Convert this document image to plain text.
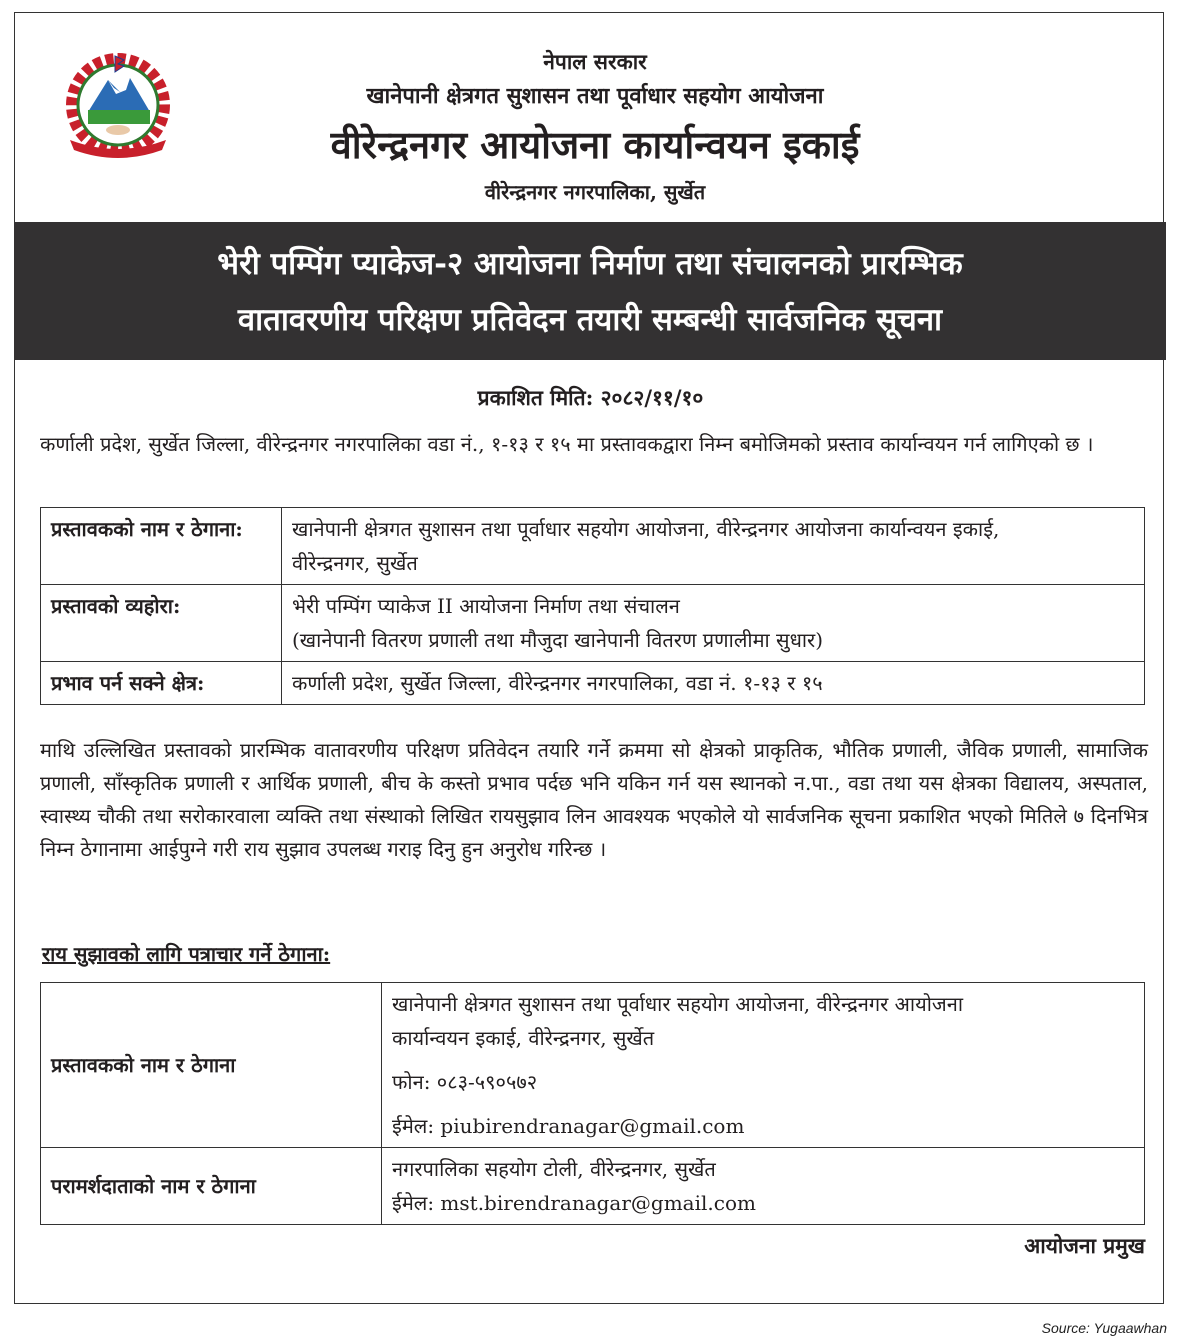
नेपाल सरकार
खानेपानी क्षेत्रगत सुशासन तथा पूर्वाधार सहयोग आयोजना
वीरेन्द्रनगर आयोजना कार्यान्वयन इकाई
वीरेन्द्रनगर नगरपालिका, सुर्खेत
भेरी पम्पिंग प्याकेज-२ आयोजना निर्माण तथा संचालनको प्रारम्भिक
वातावरणीय परिक्षण प्रतिवेदन तयारी सम्बन्धी सार्वजनिक सूचना
प्रकाशित मिति: २०८२/११/१०
कर्णाली प्रदेश, सुर्खेत जिल्ला, वीरेन्द्रनगर नगरपालिका वडा नं., १-१३ र १५ मा प्रस्तावकद्वारा निम्न बमोजिमको प्रस्ताव कार्यान्वयन गर्न लागिएको छ ।
प्रस्तावकको नाम र ठेगाना:	खानेपानी क्षेत्रगत सुशासन तथा पूर्वाधार सहयोग आयोजना, वीरेन्द्रनगर आयोजना कार्यान्वयन इकाई,
वीरेन्द्रनगर, सुर्खेत

प्रस्तावको व्यहोरा:	भेरी पम्पिंग प्याकेज II आयोजना निर्माण तथा संचालन
(खानेपानी वितरण प्रणाली तथा मौजुदा खानेपानी वितरण प्रणालीमा सुधार)

प्रभाव पर्न सक्ने क्षेत्र:	कर्णाली प्रदेश, सुर्खेत जिल्ला, वीरेन्द्रनगर नगरपालिका, वडा नं. १-१३ र १५
माथि उल्लिखित प्रस्तावको प्रारम्भिक वातावरणीय परिक्षण प्रतिवेदन तयारि गर्ने क्रममा सो क्षेत्रको प्राकृतिक, भौतिक प्रणाली, जैविक प्रणाली, सामाजिक प्रणाली, साँस्कृतिक प्रणाली र आर्थिक प्रणाली, बीच के कस्तो प्रभाव पर्दछ भनि यकिन गर्न यस स्थानको न.पा., वडा तथा यस क्षेत्रका विद्यालय, अस्पताल, स्वास्थ्य चौकी तथा सरोकारवाला व्यक्ति तथा संस्थाको लिखित रायसुझाव लिन आवश्यक भएकोले यो सार्वजनिक सूचना प्रकाशित भएको मितिले ७ दिनभित्र निम्न ठेगानामा आईपुग्ने गरी राय सुझाव उपलब्ध गराइ दिनु हुन अनुरोध गरिन्छ ।
राय सुझावको लागि पत्राचार गर्ने ठेगाना:
प्रस्तावकको नाम र ठेगाना	खानेपानी क्षेत्रगत सुशासन तथा पूर्वाधार सहयोग आयोजना, वीरेन्द्रनगर आयोजना
कार्यान्वयन इकाई, वीरेन्द्रनगर, सुर्खेत
फोन: ०८३-५९०५७२
ईमेल: piubirendranagar@gmail.com

परामर्शदाताको नाम र ठेगाना	नगरपालिका सहयोग टोली, वीरेन्द्रनगर, सुर्खेत
ईमेल: mst.birendranagar@gmail.com
आयोजना प्रमुख
Source: Yugaawhan
